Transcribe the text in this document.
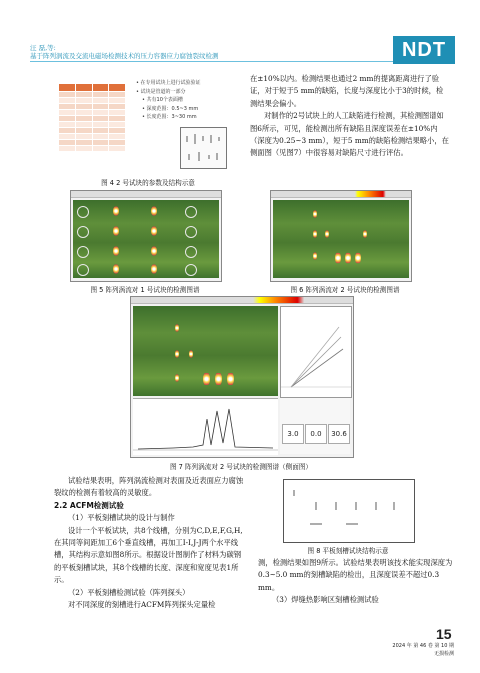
汪 磊,等:
基于阵列涡流及交流电磁场检测技术的压力容器应力腐蚀裂纹检测	NDT

• 在专用试块上进行试验验证
• 试块是管道的一部分
• 共有10个表面槽
• 深度范围：0.5~3 mm
• 长度范围：3~30 mm
图 4 2 号试块的参数及结构示意
在±10%以内。检测结果也通过2 mm的提离距离进行了验证，对于短于5 mm的缺陷，长度与深度比小于3的时候，检测结果会偏小。
对制作的2号试块上的人工缺陷进行检测，其检测图谱如图6所示，可见，能检测出所有缺陷且深度误差在±10%内（深度为0.25~3 mm），短于5 mm的缺陷检测结果略小，在侧面图（见图7）中很容易对缺陷尺寸进行评估。
图 5 阵列涡流对 1 号试块的检测图谱	图 6 阵列涡流对 2 号试块的检测图谱
3.0	0.0	30.6
图 7 阵列涡流对 2 号试块的检测图谱（侧面图）
试验结果表明，阵列涡流检测对表面及近表面应力腐蚀裂纹的检测有着较高的灵敏度。
2.2 ACFM检测试验
（1）平板刻槽试块的设计与制作
设计一个平板试块，共8个线槽，分别为C,D,E,F,G,H,在其同等间距加工6个垂直线槽，再加工I-I,J-J两个水平线槽，其结构示意如图8所示。根据设计图制作了材料为碳钢的平板刻槽试块，其8个线槽的长度、深度和宽度见表1所示。
（2）平板刻槽检测试验（阵列探头）
对不同深度的刻槽进行ACFM阵列探头定量检
图 8 平板刻槽试块结构示意
测，检测结果如图9所示。试验结果表明该技术能实现深度为0.3~5.0 mm的刻槽缺陷的检出，且深度误差不超过0.3 mm。
（3）焊缝热影响区刻槽检测试验
15
2024 年 第 46 卷 第 10 期
无损检测
